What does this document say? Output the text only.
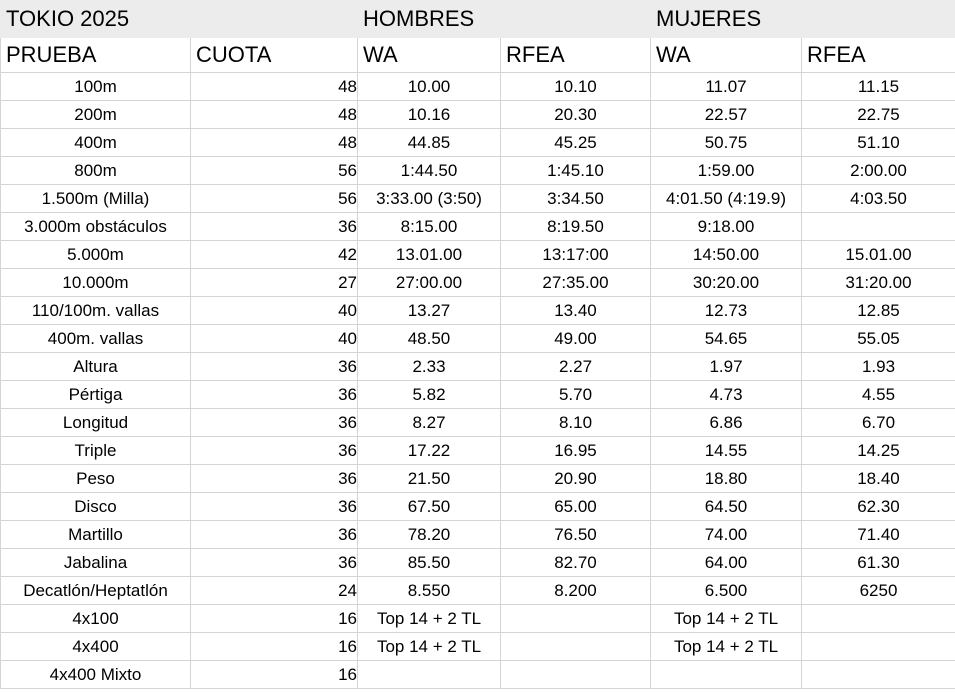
TOKIO 2025		HOMBRES		MUJERES	
PRUEBA	CUOTA	WA	RFEA	WA	RFEA
100m	48	10.00	10.10	11.07	11.15
200m	48	10.16	20.30	22.57	22.75
400m	48	44.85	45.25	50.75	51.10
800m	56	1:44.50	1:45.10	1:59.00	2:00.00
1.500m (Milla)	56	3:33.00 (3:50)	3:34.50	4:01.50 (4:19.9)	4:03.50
3.000m obstáculos	36	8:15.00	8:19.50	9:18.00	
5.000m	42	13.01.00	13:17:00	14:50.00	15.01.00
10.000m	27	27:00.00	27:35.00	30:20.00	31:20.00
110/100m. vallas	40	13.27	13.40	12.73	12.85
400m. vallas	40	48.50	49.00	54.65	55.05
Altura	36	2.33	2.27	1.97	1.93
Pértiga	36	5.82	5.70	4.73	4.55
Longitud	36	8.27	8.10	6.86	6.70
Triple	36	17.22	16.95	14.55	14.25
Peso	36	21.50	20.90	18.80	18.40
Disco	36	67.50	65.00	64.50	62.30
Martillo	36	78.20	76.50	74.00	71.40
Jabalina	36	85.50	82.70	64.00	61.30
Decatlón/Heptatlón	24	8.550	8.200	6.500	6250
4x100	16	Top 14 + 2 TL		Top 14 + 2 TL	
4x400	16	Top 14 + 2 TL		Top 14 + 2 TL	
4x400 Mixto	16				
